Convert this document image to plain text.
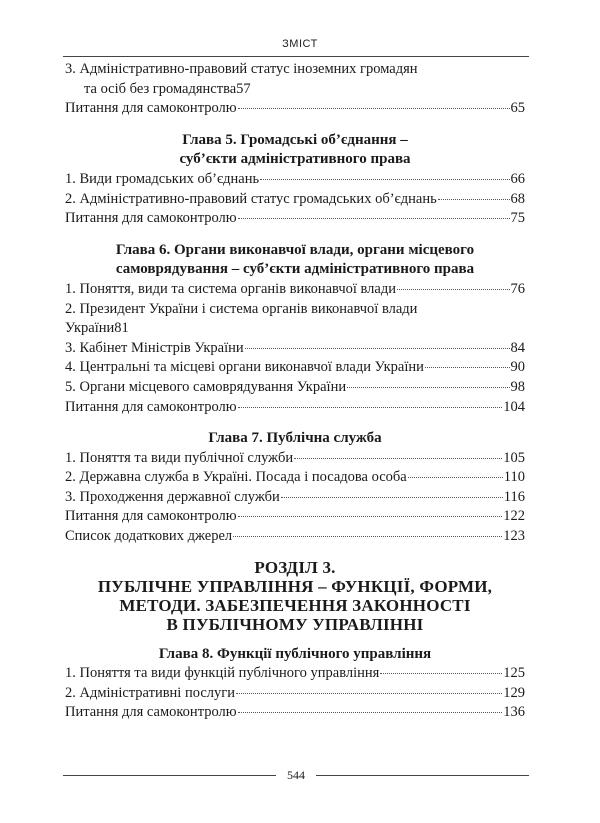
ЗМІСТ
3. Адміністративно-правовий статус іноземних громадян
та осіб без громадянства 57
Питання для самоконтролю	65
Глава 5. Громадські об’єднання –
суб’єкти адміністративного права
1. Види громадських об’єднань	66
2. Адміністративно-правовий статус громадських об’єднань	68
Питання для самоконтролю	75
Глава 6. Органи виконавчої влади, органи місцевого
самоврядування – суб’єкти адміністративного права
1. Поняття, види та система органів виконавчої влади	76
2. Президент України і система органів виконавчої влади
України 81
3. Кабінет Міністрів України	84
4. Центральні та місцеві органи виконавчої влади України	90
5. Органи місцевого самоврядування України	98
Питання для самоконтролю	104
Глава 7. Публічна служба
1. Поняття та види публічної служби	105
2. Державна служба в Україні. Посада і посадова особа	110
3. Проходження державної служби	116
Питання для самоконтролю	122
Список додаткових джерел	123
РОЗДІЛ 3.
ПУБЛІЧНЕ УПРАВЛІННЯ – ФУНКЦІЇ, ФОРМИ,
МЕТОДИ. ЗАБЕЗПЕЧЕННЯ ЗАКОННОСТІ
В ПУБЛІЧНОМУ УПРАВЛІННІ
Глава 8. Функції публічного управління
1. Поняття та види функцій публічного управління	125
2. Адміністративні послуги	129
Питання для самоконтролю	136
544
